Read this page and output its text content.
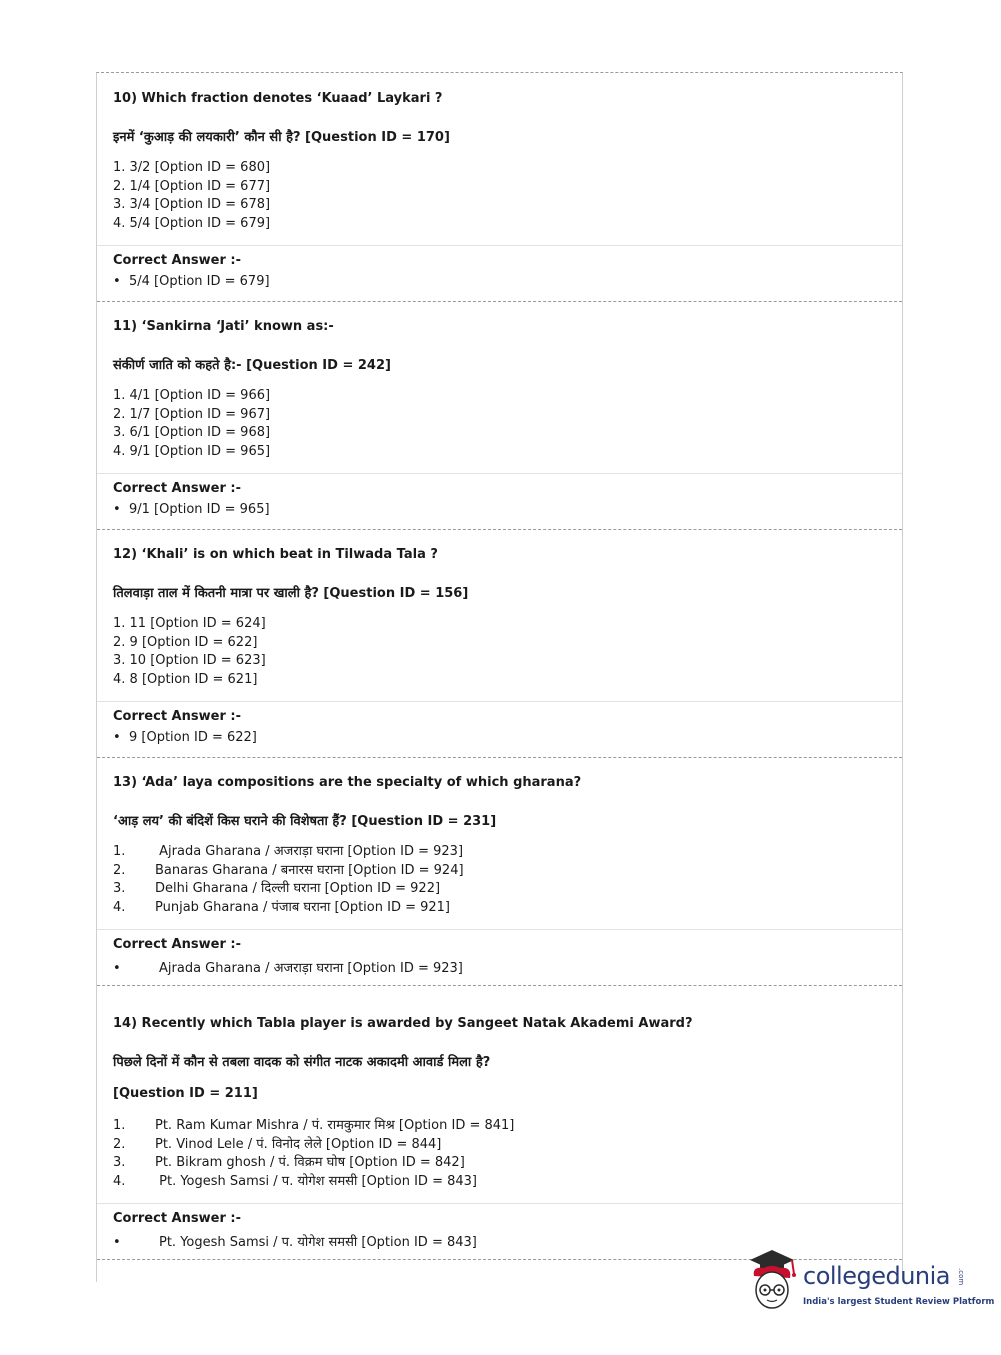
10) Which fraction denotes ‘Kuaad’ Laykari ?
इनमें ‘कुआड़ की लयकारी’ कौन सी है? [Question ID = 170]
1. 3/2 [Option ID = 680]
2. 1/4 [Option ID = 677]
3. 3/4 [Option ID = 678]
4. 5/4 [Option ID = 679]
Correct Answer :-
• 5/4 [Option ID = 679]
11) ‘Sankirna ‘Jati’ known as:-
संकीर्ण जाति को कहते है:- [Question ID = 242]
1. 4/1 [Option ID = 966]
2. 1/7 [Option ID = 967]
3. 6/1 [Option ID = 968]
4. 9/1 [Option ID = 965]
Correct Answer :-
• 9/1 [Option ID = 965]
12) ‘Khali’ is on which beat in Tilwada Tala ?
तिलवाड़ा ताल में कितनी मात्रा पर खाली है? [Question ID = 156]
1. 11 [Option ID = 624]
2. 9 [Option ID = 622]
3. 10 [Option ID = 623]
4. 8 [Option ID = 621]
Correct Answer :-
• 9 [Option ID = 622]
13) ‘Ada’ laya compositions are the specialty of which gharana?
‘आड़ लय’ की बंदिशें किस घराने की विशेषता हैं? [Question ID = 231]
1. Ajrada Gharana / अजराड़ा घराना [Option ID = 923]
2. Banaras Gharana / बनारस घराना [Option ID = 924]
3. Delhi Gharana / दिल्ली घराना [Option ID = 922]
4. Punjab Gharana / पंजाब घराना [Option ID = 921]
Correct Answer :-
•	Ajrada Gharana / अजराड़ा घराना [Option ID = 923]
14) Recently which Tabla player is awarded by Sangeet Natak Akademi Award?
पिछले दिनों में कौन से तबला वादक को संगीत नाटक अकादमी आवार्ड मिला है?
[Question ID = 211]
1. Pt. Ram Kumar Mishra / पं. रामकुमार मिश्र [Option ID = 841]
2. Pt. Vinod Lele / पं. विनोद लेले [Option ID = 844]
3. Pt. Bikram ghosh / पं. विक्रम घोष [Option ID = 842]
4. Pt. Yogesh Samsi / प. योगेश समसी [Option ID = 843]
Correct Answer :-
•	Pt. Yogesh Samsi / प. योगेश समसी [Option ID = 843]
collegedunia .com
India's largest Student Review Platform
